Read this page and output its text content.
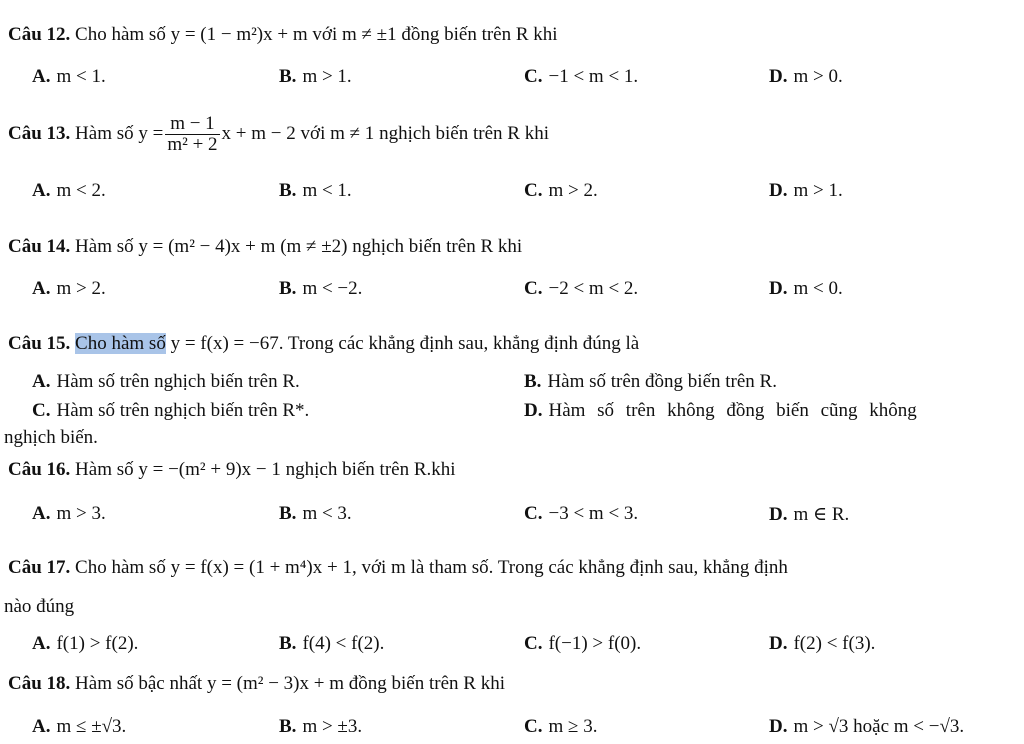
Câu 12. Cho hàm số y = (1 − m²)x + m với m ≠ ±1 đồng biến trên R khi
A. m < 1.	B. m > 1.	C. −1 < m < 1.	D. m > 0.
Câu 13. Hàm số $y = \frac{m - 1}{\text{m² + 2}}$ x + m − 2 với m ≠ 1 nghịch biến trên R khi
A. m < 2.	B. m < 1.	C. m > 2.	D. m > 1.
Câu 14. Hàm số y = (m² − 4)x + m (m ≠ ±2) nghịch biến trên R khi
A. m > 2.	B. m < −2.	C. −2 < m < 2.	D. m < 0.
Câu 15. Cho hàm số y = f(x) = −67. Trong các khẳng định sau, khẳng định đúng là
A. Hàm số trên nghịch biến trên R.	B. Hàm số trên đồng biến trên R.
C. Hàm số trên nghịch biến trên R*.	D. Hàm số trên không đồng biến cũng không
nghịch biến.
Câu 16. Hàm số y = −(m² + 9)x − 1 nghịch biến trên R.khi
A. m > 3.	B. m < 3.	C. −3 < m < 3.	D. m ∈ R.
Câu 17. Cho hàm số y = f(x) = (1 + m⁴)x + 1, với m là tham số. Trong các khẳng định sau, khẳng định
nào đúng
A. f(1) > f(2).	B. f(4) < f(2).	C. f(−1) > f(0).	D. f(2) < f(3).
Câu 18. Hàm số bậc nhất y = (m² − 3)x + m đồng biến trên R khi
A. m ≤ ±√3.	B. m > ±3.	C. m ≥ 3.	D. m > √3 hoặc m < −√3.
